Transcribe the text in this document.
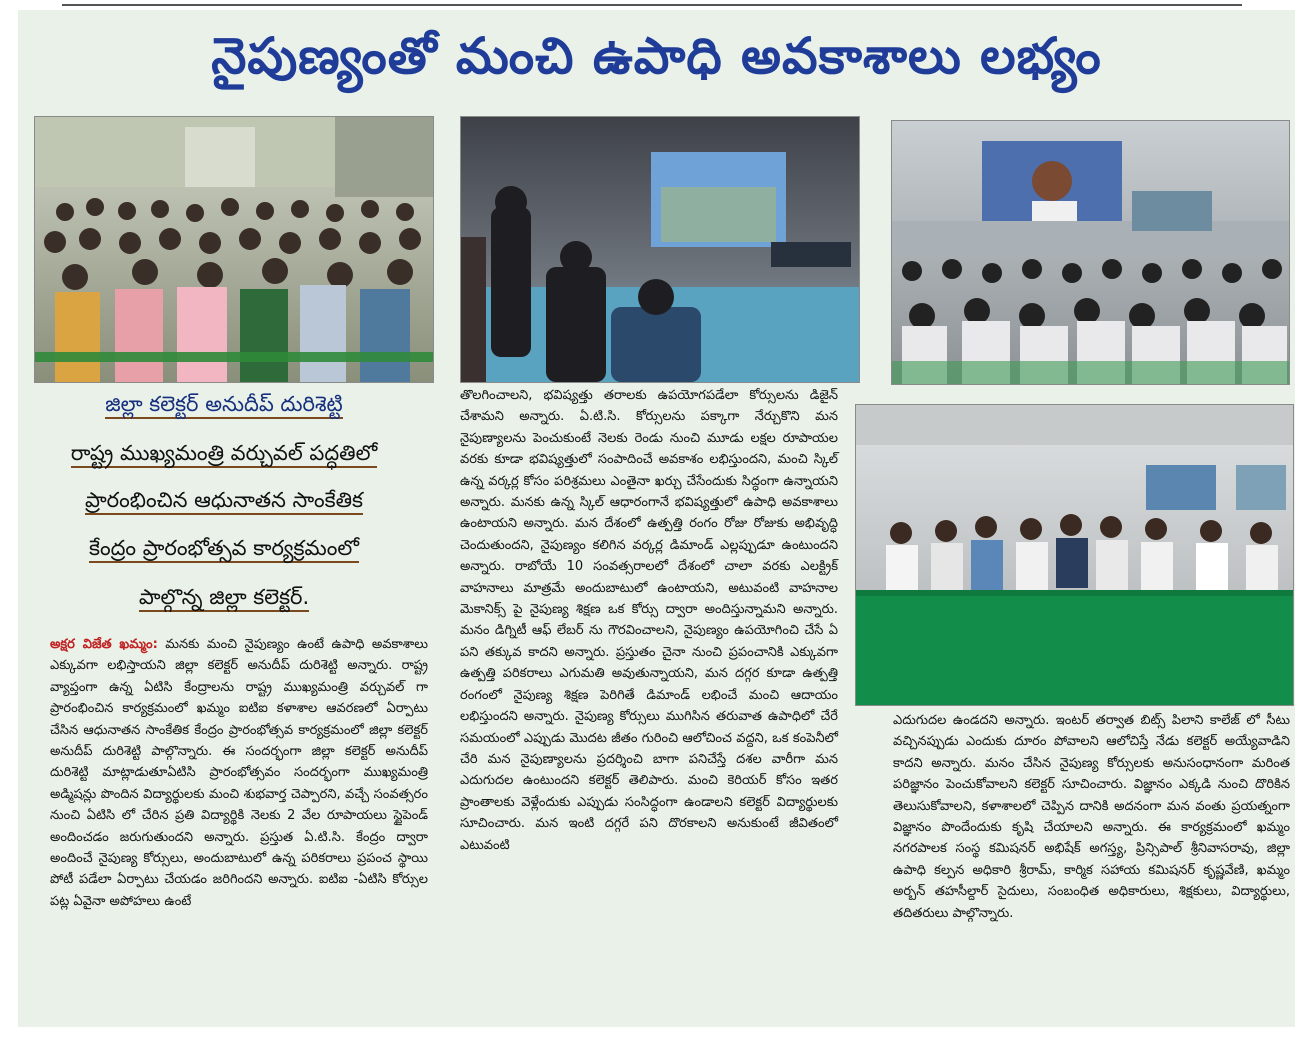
నైపుణ్యంతో మంచి ఉపాధి అవకాశాలు లభ్యం
జిల్లా కలెక్టర్ అనుదీప్ దురిశెట్టి
రాష్ట్ర ముఖ్యమంత్రి వర్చువల్ పద్ధతిలో
ప్రారంభించిన ఆధునాతన సాంకేతిక
కేంద్రం ప్రారంభోత్సవ కార్యక్రమంలో
పాల్గొన్న జిల్లా కలెక్టర్.

అక్షర విజేత ఖమ్మం: మనకు మంచి నైపుణ్యం ఉంటే ఉపాధి అవకాశాలు ఎక్కువగా లభిస్తాయని జిల్లా కలెక్టర్ అనుదీప్ దురిశెట్టి అన్నారు. రాష్ట్ర వ్యాప్తంగా ఉన్న ఏటిసి కేంద్రాలను రాష్ట్ర ముఖ్యమంత్రి వర్చువల్ గా ప్రారంభించిన కార్యక్రమంలో ఖమ్మం ఐటిఐ కళాశాల ఆవరణలో ఏర్పాటు చేసిన ఆధునాతన సాంకేతిక కేంద్రం ప్రారంభోత్సవ కార్యక్రమంలో జిల్లా కలెక్టర్ అనుదీప్ దురిశెట్టి పాల్గొన్నారు. ఈ సందర్భంగా జిల్లా కలెక్టర్ అనుదీప్ దురిశెట్టి మాట్లాడుతూఏటిసి ప్రారంభోత్సవం సందర్భంగా ముఖ్యమంత్రి అడ్మిషన్లు పొందిన విద్యార్థులకు మంచి శుభవార్త చెప్పారని, వచ్చే సంవత్సరం నుంచి ఏటిసి లో చేరిన ప్రతి విద్యార్థికి నెలకు 2 వేల రూపాయలు స్టైపెండ్ అందించడం జరుగుతుందని అన్నారు. ప్రస్తుత ఏ.టి.సి. కేంద్రం ద్వారా అందించే నైపుణ్య కోర్సులు, అందుబాటులో ఉన్న పరికరాలు ప్రపంచ స్థాయి పోటీ పడేలా ఏర్పాటు చేయడం జరిగిందని అన్నారు. ఐటిఐ -ఏటిసి కోర్సుల పట్ల ఏవైనా అపోహలు ఉంటే

తొలగించాలని, భవిష్యత్తు తరాలకు ఉపయోగపడేలా కోర్సులను డిజైన్ చేశామని అన్నారు. ఏ.టి.సి. కోర్సులను పక్కాగా నేర్చుకొని మన నైపుణ్యాలను పెంచుకుంటే నెలకు రెండు నుంచి మూడు లక్షల రూపాయల వరకు కూడా భవిష్యత్తులో సంపాదించే అవకాశం లభిస్తుందని, మంచి స్కిల్ ఉన్న వర్కర్ల కోసం పరిశ్రమలు ఎంతైనా ఖర్చు చేసేందుకు సిద్ధంగా ఉన్నాయని అన్నారు. మనకు ఉన్న స్కిల్ ఆధారంగానే భవిష్యత్తులో ఉపాధి అవకాశాలు ఉంటాయని అన్నారు. మన దేశంలో ఉత్పత్తి రంగం రోజు రోజుకు అభివృద్ధి చెందుతుందని, నైపుణ్యం కలిగిన వర్కర్ల డిమాండ్ ఎల్లప్పుడూ ఉంటుందని అన్నారు. రాబోయే 10 సంవత్సరాలలో దేశంలో చాలా వరకు ఎలక్ట్రిక్ వాహనాలు మాత్రమే అందుబాటులో ఉంటాయని, అటువంటి వాహనాల మెకానిక్స్ పై నైపుణ్య శిక్షణ ఒక కోర్సు ద్వారా అందిస్తున్నామని అన్నారు. మనం డిగ్నిటీ ఆఫ్ లేబర్ ను గౌరవించాలని, నైపుణ్యం ఉపయోగించి చేసే ఏ పని తక్కువ కాదని అన్నారు. ప్రస్తుతం చైనా నుంచి ప్రపంచానికి ఎక్కువగా ఉత్పత్తి పరికరాలు ఎగుమతి అవుతున్నాయని, మన దగ్గర కూడా ఉత్పత్తి రంగంలో నైపుణ్య శిక్షణ పెరిగితే డిమాండ్ లభించే మంచి ఆదాయం లభిస్తుందని అన్నారు. నైపుణ్య కోర్సులు ముగిసిన తరువాత ఉపాధిలో చేరే సమయంలో ఎప్పుడు మొదట జీతం గురించి ఆలోచించ వద్దని, ఒక కంపెనీలో చేరి మన నైపుణ్యాలను ప్రదర్శించి బాగా పనిచేస్తే దశల వారీగా మన ఎదుగుదల ఉంటుందని కలెక్టర్ తెలిపారు. మంచి కెరియర్ కోసం ఇతర ప్రాంతాలకు వెళ్లేందుకు ఎప్పుడు సంసిద్ధంగా ఉండాలని కలెక్టర్ విద్యార్థులకు సూచించారు. మన ఇంటి దగ్గరే పని దొరకాలని అనుకుంటే జీవితంలో ఎటువంటి

ఎదుగుదల ఉండదని అన్నారు. ఇంటర్ తర్వాత బిట్స్ పిలాని కాలేజ్ లో సీటు వచ్చినప్పుడు ఎందుకు దూరం పోవాలని ఆలోచిస్తే నేడు కలెక్టర్ అయ్యేవాడిని కాదని అన్నారు. మనం చేసిన నైపుణ్య కోర్సులకు అనుసంధానంగా మరింత పరిజ్ఞానం పెంచుకోవాలని కలెక్టర్ సూచించారు. విజ్ఞానం ఎక్కడి నుంచి దొరికిన తెలుసుకోవాలని, కళాశాలలో చెప్పిన దానికి అదనంగా మన వంతు ప్రయత్నంగా విజ్ఞానం పొందేందుకు కృషి చేయాలని అన్నారు. ఈ కార్యక్రమంలో ఖమ్మం నగరపాలక సంస్థ కమిషనర్ అభిషేక్ అగస్త్య, ప్రిన్సిపాల్ శ్రీనివాసరావు, జిల్లా ఉపాధి కల్పన అధికారి శ్రీరామ్, కార్మిక సహాయ కమిషనర్ కృష్ణవేణి, ఖమ్మం అర్బన్ తహసీల్దార్ సైదులు, సంబంధిత అధికారులు, శిక్షకులు, విద్యార్థులు, తదితరులు పాల్గొన్నారు.
